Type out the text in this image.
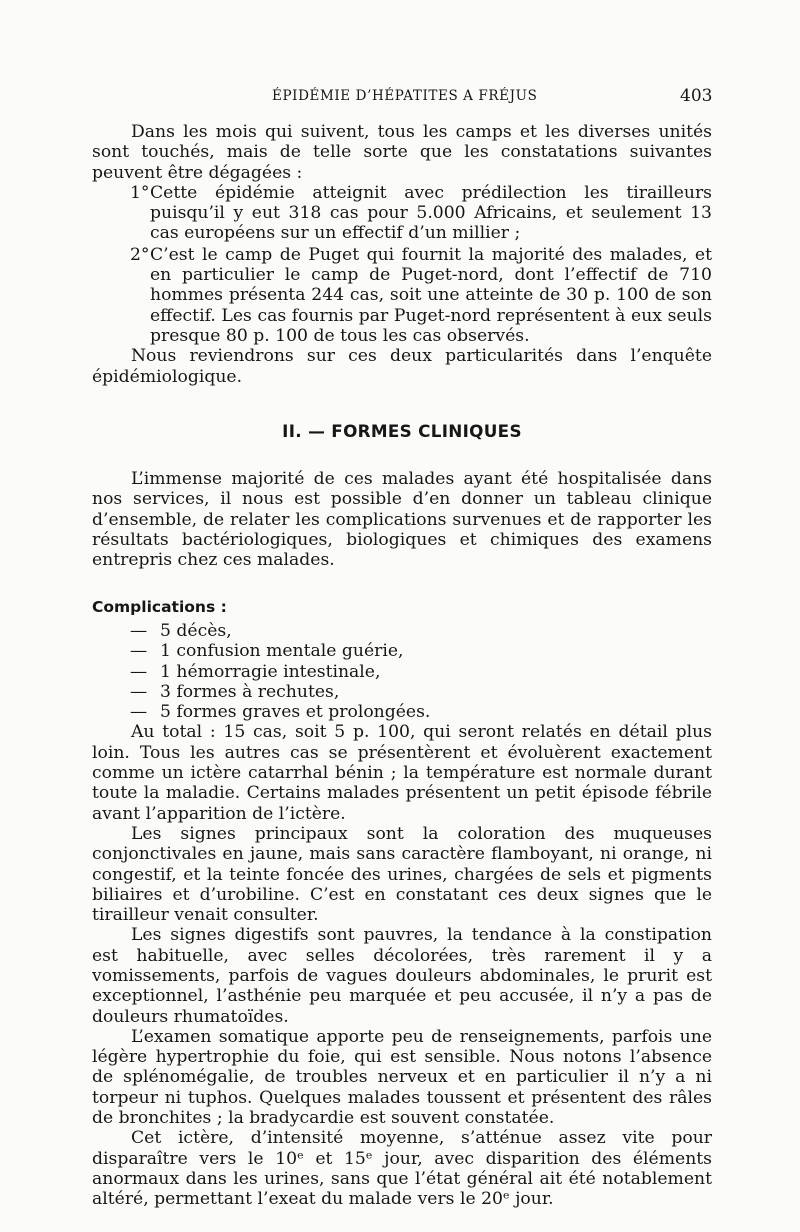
ÉPIDÉMIE D’HÉPATITES A FRÉJUS	403

Dans les mois qui suivent, tous les camps et les diverses unités sont touchés, mais de telle sorte que les constatations suivantes peuvent être dégagées :

1° Cette épidémie atteignit avec prédilection les tirailleurs puisqu’il y eut 318 cas pour 5.000 Africains, et seulement 13 cas européens sur un effectif d’un millier ;
2° C’est le camp de Puget qui fournit la majorité des malades, et en particulier le camp de Puget-nord, dont l’effectif de 710 hommes présenta 244 cas, soit une atteinte de 30 p. 100 de son effectif. Les cas fournis par Puget-nord représentent à eux seuls presque 80 p. 100 de tous les cas observés.

Nous reviendrons sur ces deux particularités dans l’enquête épidémiologique.

II. — FORMES CLINIQUES

L’immense majorité de ces malades ayant été hospitalisée dans nos services, il nous est possible d’en donner un tableau clinique d’ensemble, de relater les complications survenues et de rapporter les résultats bactériologiques, biologiques et chimiques des examens entrepris chez ces malades.

Complications :
— 5 décès,
— 1 confusion mentale guérie,
— 1 hémorragie intestinale,
— 3 formes à rechutes,
— 5 formes graves et prolongées.

Au total : 15 cas, soit 5 p. 100, qui seront relatés en détail plus loin. Tous les autres cas se présentèrent et évoluèrent exactement comme un ictère catarrhal bénin ; la température est normale durant toute la maladie. Certains malades présentent un petit épisode fébrile avant l’apparition de l’ictère.

Les signes principaux sont la coloration des muqueuses conjonctivales en jaune, mais sans caractère flamboyant, ni orange, ni congestif, et la teinte foncée des urines, chargées de sels et pigments biliaires et d’urobiline. C’est en constatant ces deux signes que le tirailleur venait consulter.

Les signes digestifs sont pauvres, la tendance à la constipation est habituelle, avec selles décolorées, très rarement il y a vomissements, parfois de vagues douleurs abdominales, le prurit est exceptionnel, l’asthénie peu marquée et peu accusée, il n’y a pas de douleurs rhumatoïdes.

L’examen somatique apporte peu de renseignements, parfois une légère hypertrophie du foie, qui est sensible. Nous notons l’absence de splénomégalie, de troubles nerveux et en particulier il n’y a ni torpeur ni tuphos. Quelques malades toussent et présentent des râles de bronchites ; la bradycardie est souvent constatée.

Cet ictère, d’intensité moyenne, s’atténue assez vite pour disparaître vers le 10ᵉ et 15ᵉ jour, avec disparition des éléments anormaux dans les urines, sans que l’état général ait été notablement altéré, permettant l’exeat du malade vers le 20ᵉ jour.
